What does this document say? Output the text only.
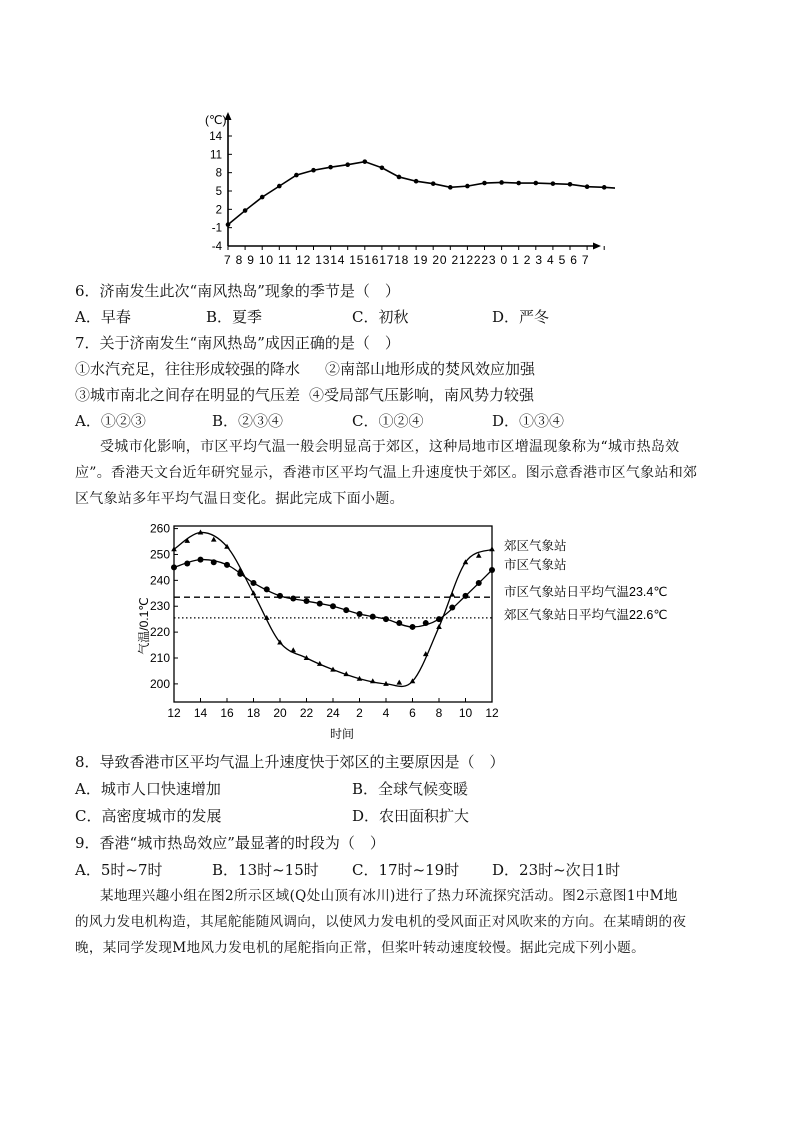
(℃)
14
11
8
5
2
-1
-4
7 8 9 10 11 12 1314 15161718 19 20 212223 0 1 2 3 4 5 6 7
6．济南发生此次“南风热岛”现象的季节是（　）
A．早春	B．夏季	C．初秋	D．严冬
7．关于济南发生“南风热岛”成因正确的是（　）
①水汽充足，往往形成较强的降水 ②南部山地形成的焚风效应加强
③城市南北之间存在明显的气压差 ④受局部气压影响，南风势力较强
A．①②③	B．②③④	C．①②④	D．①③④
受城市化影响，市区平均气温一般会明显高于郊区，这种局地市区增温现象称为“城市热岛效
应”。香港天文台近年研究显示，香港市区平均气温上升速度快于郊区。图示意香港市区气象站和郊
区气象站多年平均气温日变化。据此完成下面小题。
气温/0.1℃
时间
260
250
240
230
220
210
200
12 14 16 18 20 22 24 2 4 6 8 10 12
郊区气象站
市区气象站
市区气象站日平均气温23.4℃
郊区气象站日平均气温22.6℃
8．导致香港市区平均气温上升速度快于郊区的主要原因是（　）
A．城市人口快速增加	B．全球气候变暖
C．高密度城市的发展	D．农田面积扩大
9．香港“城市热岛效应”最显著的时段为（　）
A．5时~7时	B．13时~15时 C．17时~19时 D．23时~次日1时
某地理兴趣小组在图2所示区域(Q处山顶有冰川)进行了热力环流探究活动。图2示意图1中M地
的风力发电机构造，其尾舵能随风调向，以使风力发电机的受风面正对风吹来的方向。在某晴朗的夜
晚，某同学发现M地风力发电机的尾舵指向正常，但桨叶转动速度较慢。据此完成下列小题。
